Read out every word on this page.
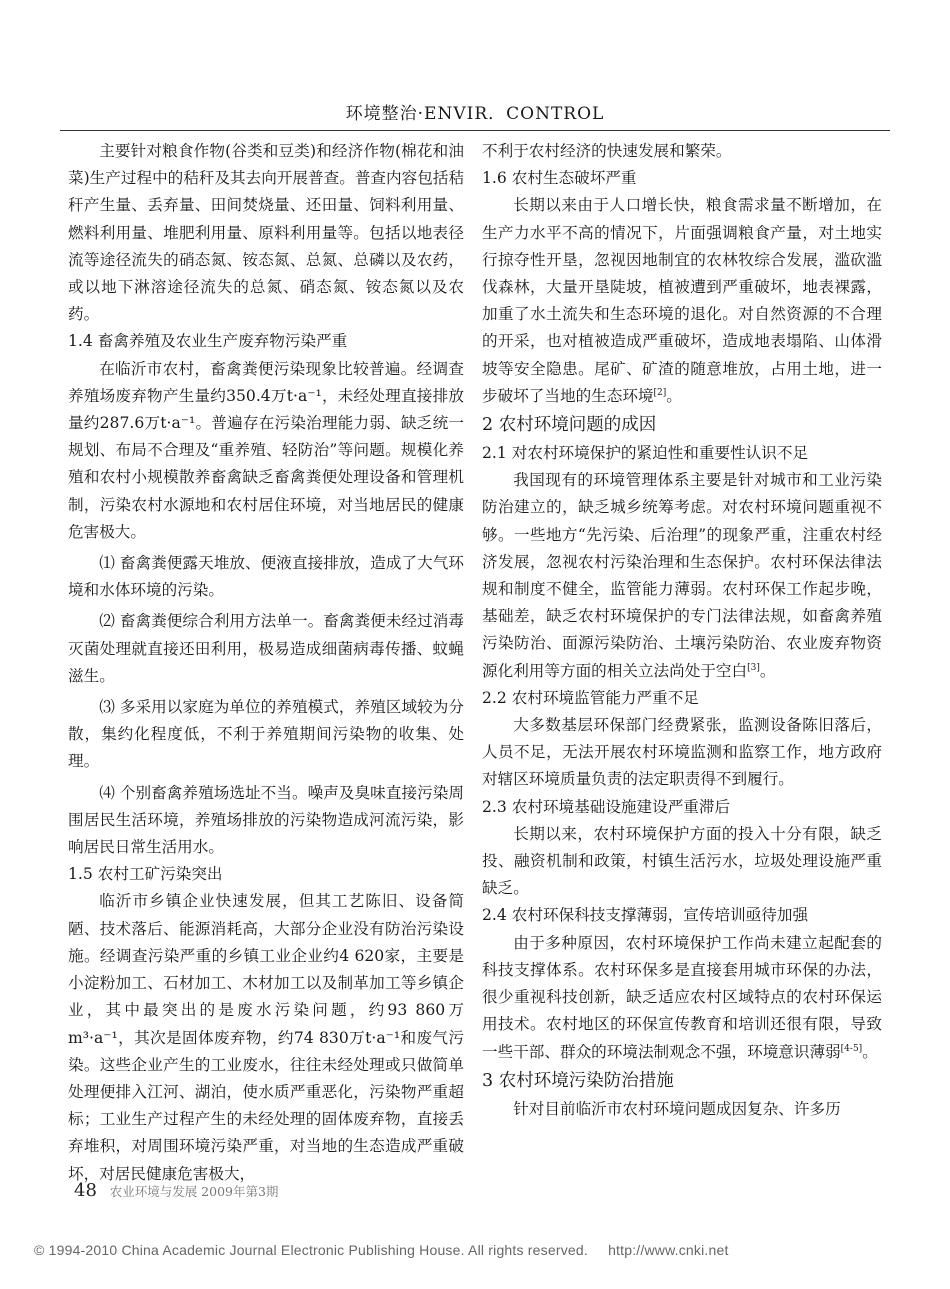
环境整治·ENVIR．CONTROL

主要针对粮食作物(谷类和豆类)和经济作物(棉花和油菜)生产过程中的秸秆及其去向开展普查。普查内容包括秸秆产生量、丢弃量、田间焚烧量、还田量、饲料利用量、燃料利用量、堆肥利用量、原料利用量等。包括以地表径流等途径流失的硝态氮、铵态氮、总氮、总磷以及农药，或以地下淋溶途径流失的总氮、硝态氮、铵态氮以及农药。

1.4 畜禽养殖及农业生产废弃物污染严重

在临沂市农村，畜禽粪便污染现象比较普遍。经调查养殖场废弃物产生量约350.4万t·a⁻¹，未经处理直接排放量约287.6万t·a⁻¹。普遍存在污染治理能力弱、缺乏统一规划、布局不合理及“重养殖、轻防治”等问题。规模化养殖和农村小规模散养畜禽缺乏畜禽粪便处理设备和管理机制，污染农村水源地和农村居住环境，对当地居民的健康危害极大。

⑴ 畜禽粪便露天堆放、便液直接排放，造成了大气环境和水体环境的污染。

⑵ 畜禽粪便综合利用方法单一。畜禽粪便未经过消毒灭菌处理就直接还田利用，极易造成细菌病毒传播、蚊蝇滋生。

⑶ 多采用以家庭为单位的养殖模式，养殖区域较为分散，集约化程度低，不利于养殖期间污染物的收集、处理。

⑷ 个别畜禽养殖场选址不当。噪声及臭味直接污染周围居民生活环境，养殖场排放的污染物造成河流污染，影响居民日常生活用水。

1.5 农村工矿污染突出

临沂市乡镇企业快速发展，但其工艺陈旧、设备简陋、技术落后、能源消耗高，大部分企业没有防治污染设施。经调查污染严重的乡镇工业企业约4 620家，主要是小淀粉加工、石材加工、木材加工以及制革加工等乡镇企业，其中最突出的是废水污染问题，约93 860万m³·a⁻¹，其次是固体废弃物，约74 830万t·a⁻¹和废气污染。这些企业产生的工业废水，往往未经处理或只做简单处理便排入江河、湖泊，使水质严重恶化，污染物严重超标；工业生产过程产生的未经处理的固体废弃物，直接丢弃堆积，对周围环境污染严重，对当地的生态造成严重破坏，对居民健康危害极大，

不利于农村经济的快速发展和繁荣。

1.6 农村生态破坏严重

长期以来由于人口增长快，粮食需求量不断增加，在生产力水平不高的情况下，片面强调粮食产量，对土地实行掠夺性开垦，忽视因地制宜的农林牧综合发展，滥砍滥伐森林，大量开垦陡坡，植被遭到严重破坏，地表裸露，加重了水土流失和生态环境的退化。对自然资源的不合理的开采，也对植被造成严重破坏，造成地表塌陷、山体滑坡等安全隐患。尾矿、矿渣的随意堆放，占用土地，进一步破坏了当地的生态环境[2]。

2 农村环境问题的成因
2.1 对农村环境保护的紧迫性和重要性认识不足

我国现有的环境管理体系主要是针对城市和工业污染防治建立的，缺乏城乡统筹考虑。对农村环境问题重视不够。一些地方“先污染、后治理”的现象严重，注重农村经济发展，忽视农村污染治理和生态保护。农村环保法律法规和制度不健全，监管能力薄弱。农村环保工作起步晚，基础差，缺乏农村环境保护的专门法律法规，如畜禽养殖污染防治、面源污染防治、土壤污染防治、农业废弃物资源化利用等方面的相关立法尚处于空白[3]。

2.2 农村环境监管能力严重不足

大多数基层环保部门经费紧张，监测设备陈旧落后，人员不足，无法开展农村环境监测和监察工作，地方政府对辖区环境质量负责的法定职责得不到履行。

2.3 农村环境基础设施建设严重滞后

长期以来，农村环境保护方面的投入十分有限，缺乏投、融资机制和政策，村镇生活污水，垃圾处理设施严重缺乏。

2.4 农村环保科技支撑薄弱，宣传培训亟待加强

由于多种原因，农村环境保护工作尚未建立起配套的科技支撑体系。农村环保多是直接套用城市环保的办法，很少重视科技创新，缺乏适应农村区域特点的农村环保运用技术。农村地区的环保宣传教育和培训还很有限，导致一些干部、群众的环境法制观念不强，环境意识薄弱[4-5]。

3 农村环境污染防治措施

针对目前临沂市农村环境问题成因复杂、许多历

48 农业环境与发展 2009年第3期
© 1994-2010 China Academic Journal Electronic Publishing House. All rights reserved. http://www.cnki.net
